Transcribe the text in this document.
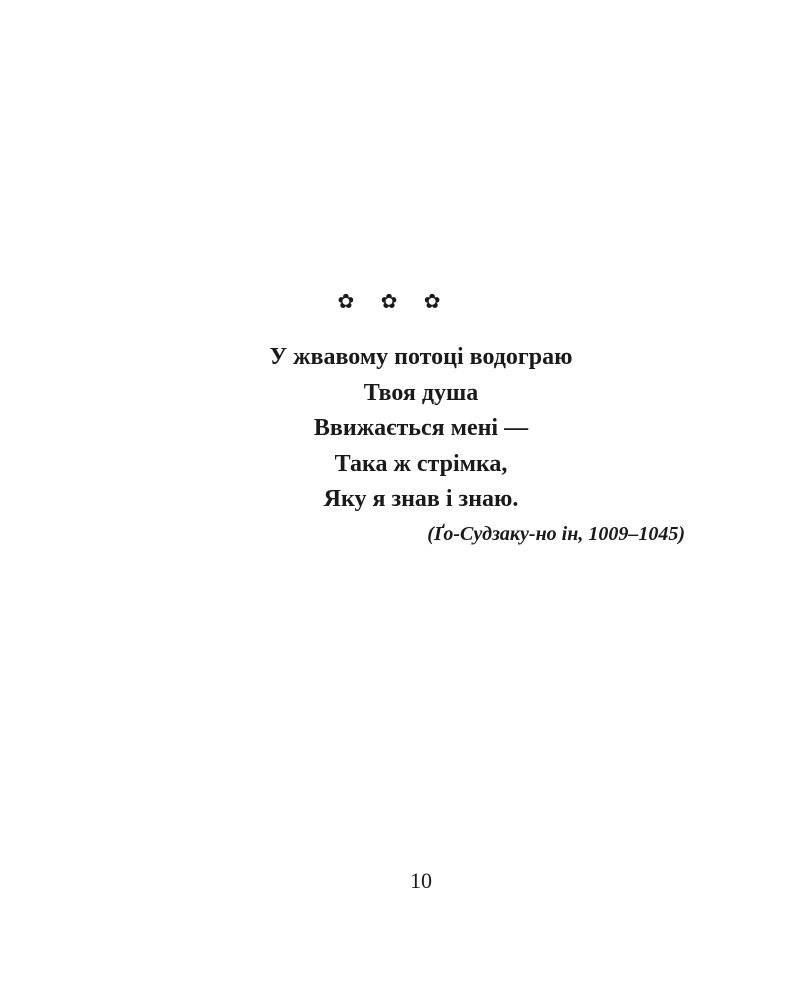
✿ ✿ ✿
У жвавому потоці водограю
Твоя душа
Ввижається мені —
Така ж стрімка,
Яку я знав і знаю.
(Ґо-Судзаку-но ін, 1009–1045)
10
